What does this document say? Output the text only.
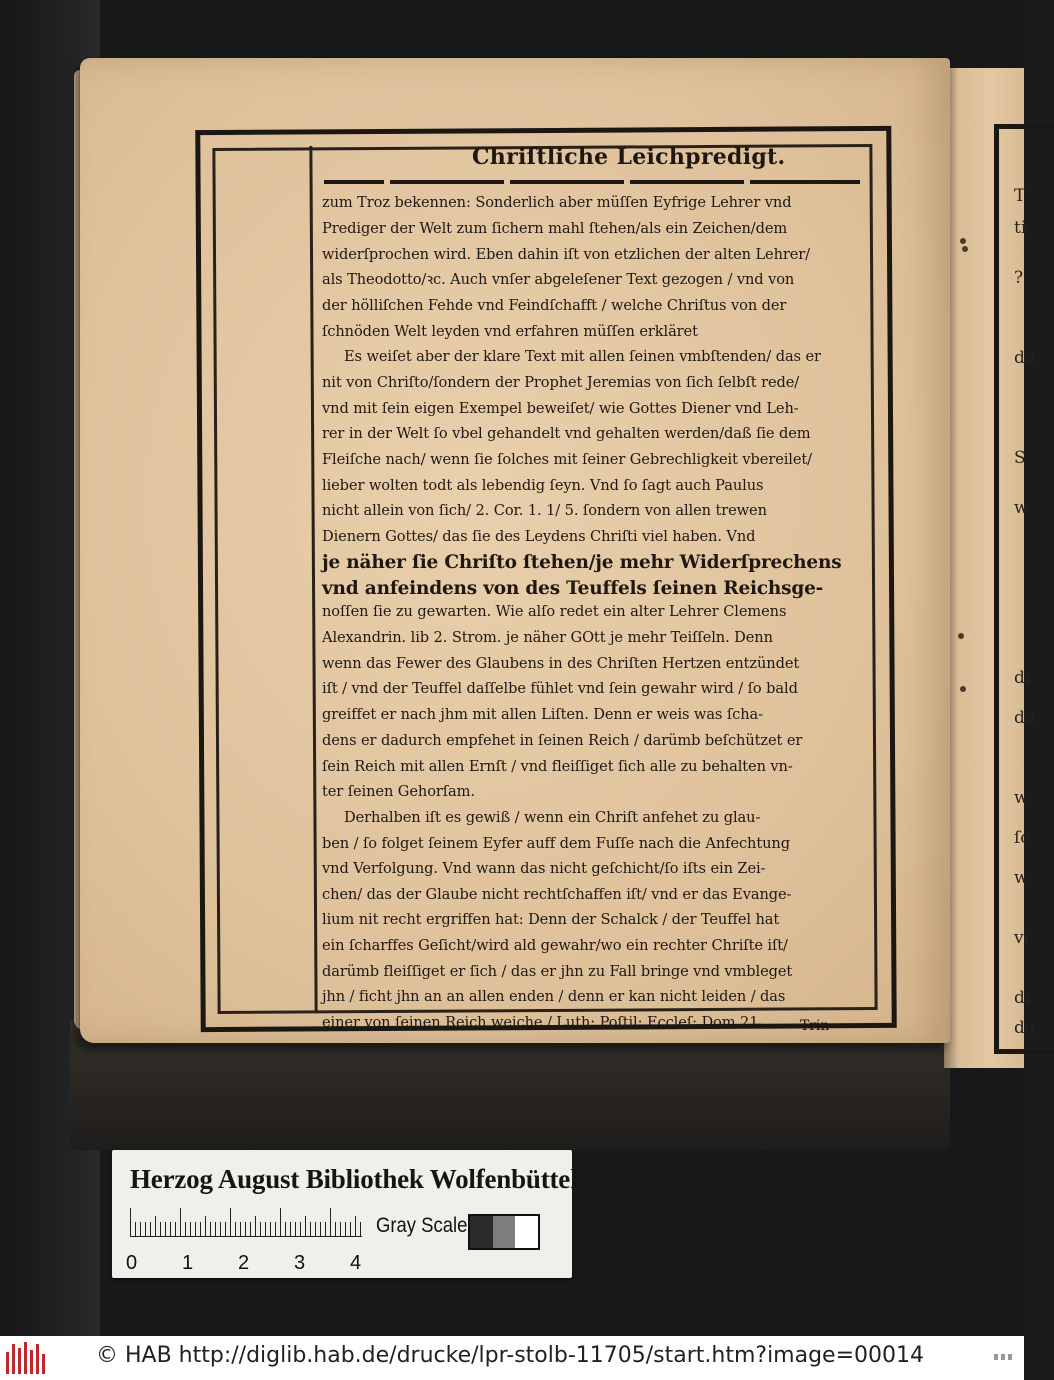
T
ti
?
da
S
w
di
da
w
ſo
w
vi
di
da
Chriſtliche Leichpredigt.
zum Troz bekennen: Sonderlich aber müſſen Eyfrige Lehrer vnd
Prediger der Welt zum ſichern mahl ſtehen/als ein Zeichen/dem
widerſprochen wird. Eben dahin iſt von etzlichen der alten Lehrer/
als Theodotto/ꝛc. Auch vnſer abgeleſener Text gezogen / vnd von
der hölliſchen Fehde vnd Feindſchafft / welche Chriſtus von der
ſchnöden Welt leyden vnd erfahren müſſen erkläret
Es weiſet aber der klare Text mit allen ſeinen vmbſtenden/ das er
nit von Chriſto/ſondern der Prophet Jeremias von ſich ſelbſt rede/
vnd mit ſein eigen Exempel beweiſet/ wie Gottes Diener vnd Leh-
rer in der Welt ſo vbel gehandelt vnd gehalten werden/daß ſie dem
Fleiſche nach/ wenn ſie ſolches mit ſeiner Gebrechligkeit vbereilet/
lieber wolten todt als lebendig ſeyn. Vnd ſo ſagt auch Paulus
nicht allein von ſich/ 2. Cor. 1. 1/ 5. ſondern von allen trewen
Dienern Gottes/ das ſie des Leydens Chriſti viel haben. Vnd
je näher ſie Chriſto ſtehen/je mehr Widerſprechens
vnd anfeindens von des Teuffels ſeinen Reichsge-
noſſen ſie zu gewarten. Wie alſo redet ein alter Lehrer Clemens
Alexandrin. lib 2. Strom. je näher GOtt je mehr Teiſſeln. Denn
wenn das Fewer des Glaubens in des Chriſten Hertzen entzündet
iſt / vnd der Teuffel daſſelbe fühlet vnd ſein gewahr wird / ſo bald
greiffet er nach jhm mit allen Liſten. Denn er weis was ſcha-
dens er dadurch empfehet in ſeinen Reich / darümb beſchützet er
ſein Reich mit allen Ernſt / vnd fleiſſiget ſich alle zu behalten vn-
ter ſeinen Gehorſam.
Derhalben iſt es gewiß / wenn ein Chriſt anfehet zu glau-
ben / ſo folget ſeinem Eyfer auff dem Fuſſe nach die Anfechtung
vnd Verfolgung. Vnd wann das nicht geſchicht/ſo iſts ein Zei-
chen/ das der Glaube nicht rechtſchaffen iſt/ vnd er das Evange-
lium nit recht ergriffen hat: Denn der Schalck / der Teuffel hat
ein ſcharffes Geſicht/wird ald gewahr/wo ein rechter Chriſte iſt/
darümb fleiſſiget er ſich / das er jhn zu Fall bringe vnd vmbleget
jhn / ficht jhn an an allen enden / denn er kan nicht leiden / das
einer von ſeinen Reich weiche / Luth: Poſtil: Eccleſ: Dom 21.	Trin
Herzog August Bibliothek Wolfenbüttel
0 1 2 3 4
Gray Scale
© HAB http://diglib.hab.de/drucke/lpr-stolb-11705/start.htm?image=00014
